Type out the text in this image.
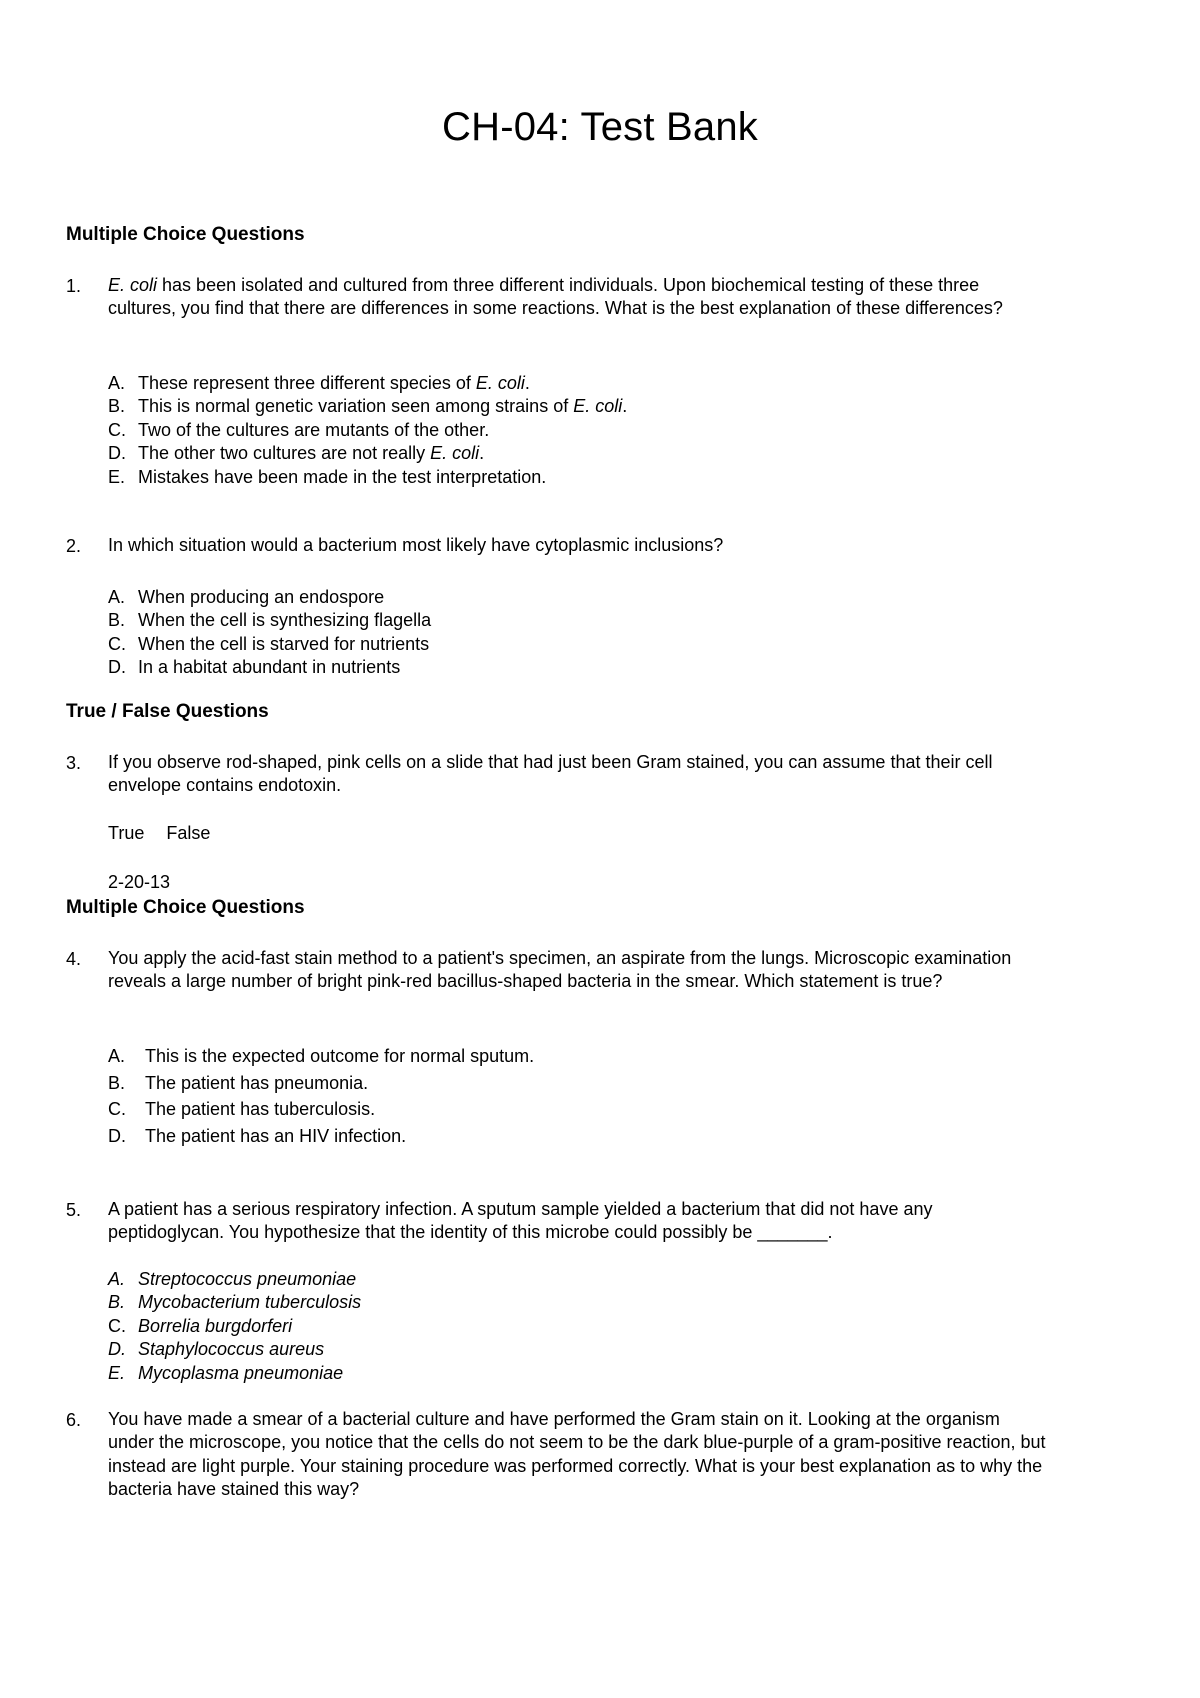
CH-04: Test Bank
Multiple Choice Questions
1. E. coli has been isolated and cultured from three different individuals. Upon biochemical testing of these three cultures, you find that there are differences in some reactions. What is the best explanation of these differences?
A. These represent three different species of E. coli.
B. This is normal genetic variation seen among strains of E. coli.
C. Two of the cultures are mutants of the other.
D. The other two cultures are not really E. coli.
E. Mistakes have been made in the test interpretation.
2. In which situation would a bacterium most likely have cytoplasmic inclusions?
A. When producing an endospore
B. When the cell is synthesizing flagella
C. When the cell is starved for nutrients
D. In a habitat abundant in nutrients
True / False Questions
3. If you observe rod-shaped, pink cells on a slide that had just been Gram stained, you can assume that their cell envelope contains endotoxin.
True False
2-20-13
Multiple Choice Questions
4. You apply the acid-fast stain method to a patient's specimen, an aspirate from the lungs. Microscopic examination reveals a large number of bright pink-red bacillus-shaped bacteria in the smear. Which statement is true?
A.	This is the expected outcome for normal sputum.
B.	The patient has pneumonia.
C.	The patient has tuberculosis.
D.	The patient has an HIV infection.
5. A patient has a serious respiratory infection. A sputum sample yielded a bacterium that did not have any peptidoglycan. You hypothesize that the identity of this microbe could possibly be _______.
A. Streptococcus pneumoniae
B. Mycobacterium tuberculosis
C. Borrelia burgdorferi
D. Staphylococcus aureus
E. Mycoplasma pneumoniae
6. You have made a smear of a bacterial culture and have performed the Gram stain on it. Looking at the organism under the microscope, you notice that the cells do not seem to be the dark blue-purple of a gram-positive reaction, but instead are light purple. Your staining procedure was performed correctly. What is your best explanation as to why the bacteria have stained this way?
